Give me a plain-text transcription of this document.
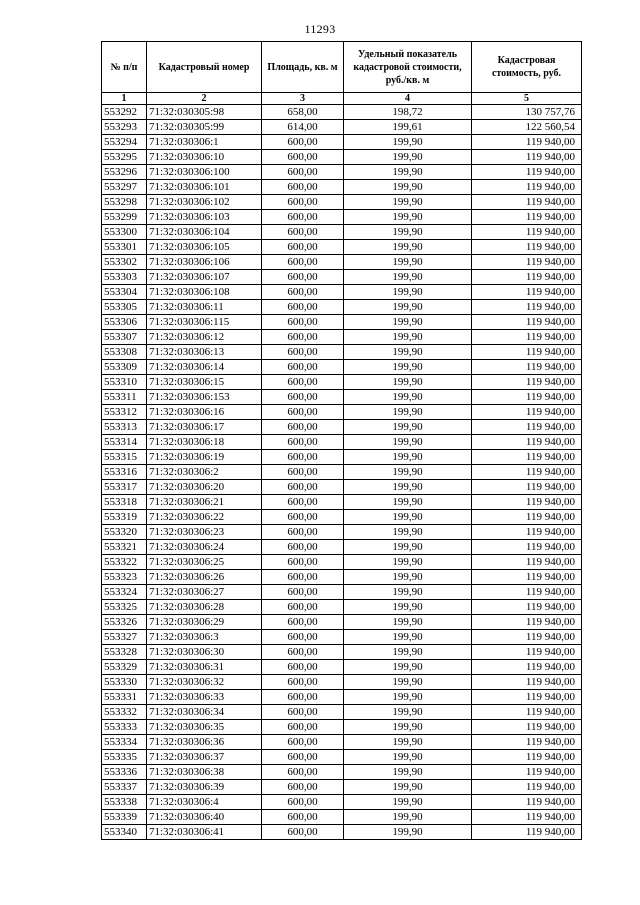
11293
№ п/п	Кадастровый номер	Площадь, кв. м	Удельный показатель кадастровой стоимости, руб./кв. м	Кадастровая стоимость, руб.
1	2	3	4	5
553292	71:32:030305:98	658,00	198,72	130 757,76
553293	71:32:030305:99	614,00	199,61	122 560,54
553294	71:32:030306:1	600,00	199,90	119 940,00
553295	71:32:030306:10	600,00	199,90	119 940,00
553296	71:32:030306:100	600,00	199,90	119 940,00
553297	71:32:030306:101	600,00	199,90	119 940,00
553298	71:32:030306:102	600,00	199,90	119 940,00
553299	71:32:030306:103	600,00	199,90	119 940,00
553300	71:32:030306:104	600,00	199,90	119 940,00
553301	71:32:030306:105	600,00	199,90	119 940,00
553302	71:32:030306:106	600,00	199,90	119 940,00
553303	71:32:030306:107	600,00	199,90	119 940,00
553304	71:32:030306:108	600,00	199,90	119 940,00
553305	71:32:030306:11	600,00	199,90	119 940,00
553306	71:32:030306:115	600,00	199,90	119 940,00
553307	71:32:030306:12	600,00	199,90	119 940,00
553308	71:32:030306:13	600,00	199,90	119 940,00
553309	71:32:030306:14	600,00	199,90	119 940,00
553310	71:32:030306:15	600,00	199,90	119 940,00
553311	71:32:030306:153	600,00	199,90	119 940,00
553312	71:32:030306:16	600,00	199,90	119 940,00
553313	71:32:030306:17	600,00	199,90	119 940,00
553314	71:32:030306:18	600,00	199,90	119 940,00
553315	71:32:030306:19	600,00	199,90	119 940,00
553316	71:32:030306:2	600,00	199,90	119 940,00
553317	71:32:030306:20	600,00	199,90	119 940,00
553318	71:32:030306:21	600,00	199,90	119 940,00
553319	71:32:030306:22	600,00	199,90	119 940,00
553320	71:32:030306:23	600,00	199,90	119 940,00
553321	71:32:030306:24	600,00	199,90	119 940,00
553322	71:32:030306:25	600,00	199,90	119 940,00
553323	71:32:030306:26	600,00	199,90	119 940,00
553324	71:32:030306:27	600,00	199,90	119 940,00
553325	71:32:030306:28	600,00	199,90	119 940,00
553326	71:32:030306:29	600,00	199,90	119 940,00
553327	71:32:030306:3	600,00	199,90	119 940,00
553328	71:32:030306:30	600,00	199,90	119 940,00
553329	71:32:030306:31	600,00	199,90	119 940,00
553330	71:32:030306:32	600,00	199,90	119 940,00
553331	71:32:030306:33	600,00	199,90	119 940,00
553332	71:32:030306:34	600,00	199,90	119 940,00
553333	71:32:030306:35	600,00	199,90	119 940,00
553334	71:32:030306:36	600,00	199,90	119 940,00
553335	71:32:030306:37	600,00	199,90	119 940,00
553336	71:32:030306:38	600,00	199,90	119 940,00
553337	71:32:030306:39	600,00	199,90	119 940,00
553338	71:32:030306:4	600,00	199,90	119 940,00
553339	71:32:030306:40	600,00	199,90	119 940,00
553340	71:32:030306:41	600,00	199,90	119 940,00
